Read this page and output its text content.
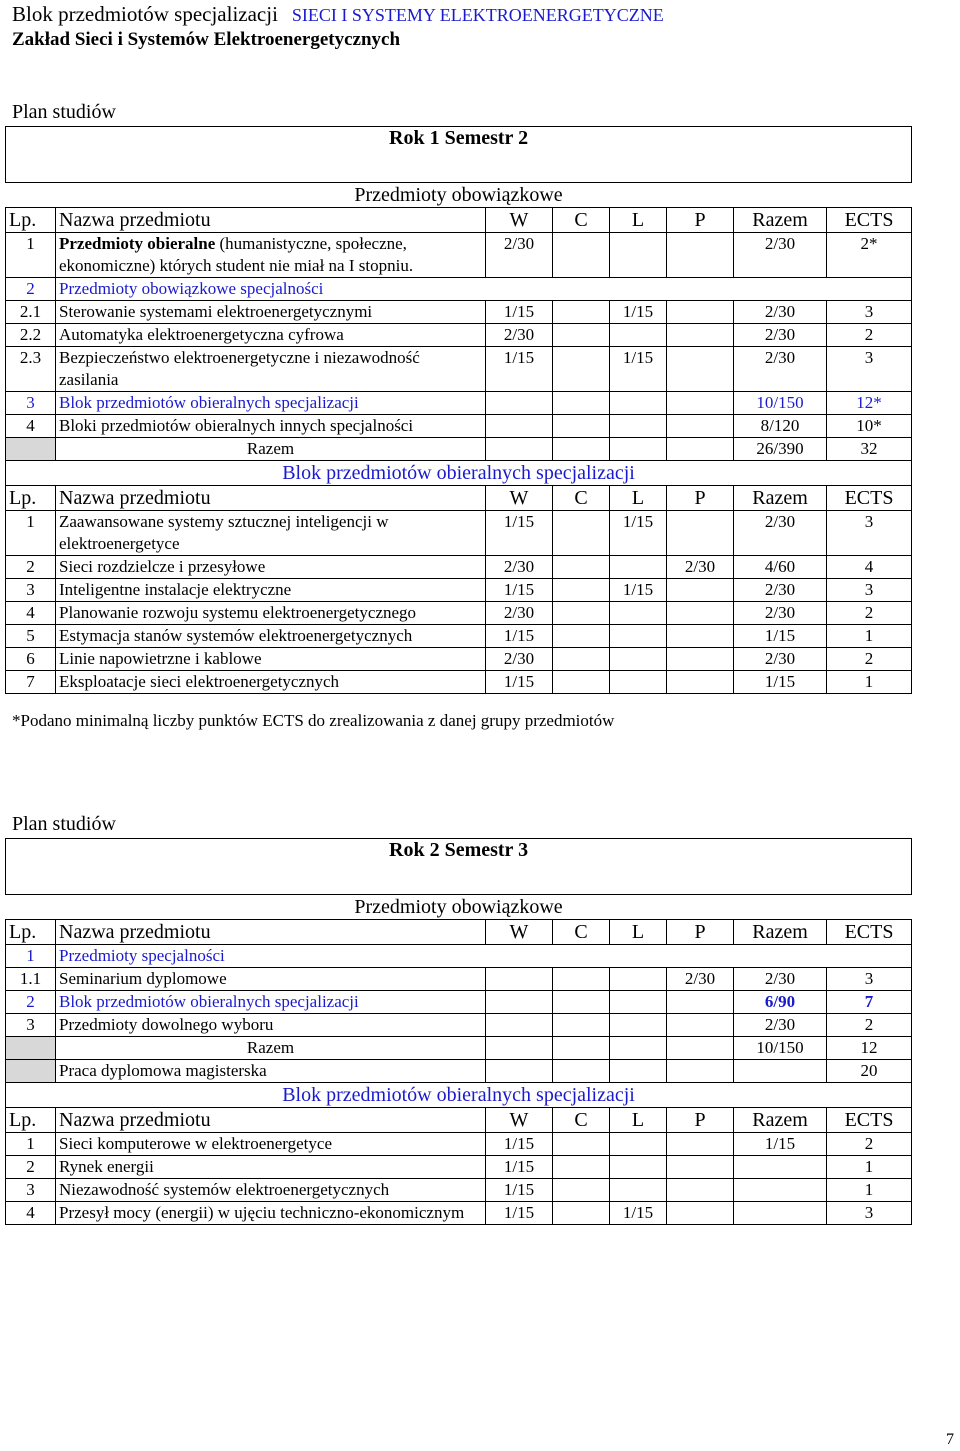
Blok przedmiotów specjalizacji SIECI I SYSTEMY ELEKTROENERGETYCZNE
Zakład Sieci i Systemów Elektroenergetycznych
Plan studiów
Rok 1 Semestr 2							
Przedmioty obowiązkowe							
Lp.	Nazwa przedmiotu	W	C	L	P	Razem	ECTS
1	Przedmioty obieralne (humanistyczne, społeczne, ekonomiczne) których student nie miał na I stopniu.	2/30				2/30	2*
2	Przedmioty obowiązkowe specjalności						
2.1	Sterowanie systemami elektroenergetycznymi	1/15		1/15		2/30	3
2.2	Automatyka elektroenergetyczna cyfrowa	2/30				2/30	2
2.3	Bezpieczeństwo elektroenergetyczne i niezawodność zasilania	1/15		1/15		2/30	3
3	Blok przedmiotów obieralnych specjalizacji					10/150	12*
4	Bloki przedmiotów obieralnych innych specjalności					8/120	10*
	Razem					26/390	32
Blok przedmiotów obieralnych specjalizacji							
Lp.	Nazwa przedmiotu	W	C	L	P	Razem	ECTS
1	Zaawansowane systemy sztucznej inteligencji w elektroenergetyce	1/15		1/15		2/30	3
2	Sieci rozdzielcze i przesyłowe	2/30			2/30	4/60	4
3	Inteligentne instalacje elektryczne	1/15		1/15		2/30	3
4	Planowanie rozwoju systemu elektroenergetycznego	2/30				2/30	2
5	Estymacja stanów systemów elektroenergetycznych	1/15				1/15	1
6	Linie napowietrzne i kablowe	2/30				2/30	2
7	Eksploatacje sieci elektroenergetycznych	1/15				1/15	1
*Podano minimalną liczby punktów ECTS do zrealizowania z danej grupy przedmiotów
Plan studiów
Rok 2 Semestr 3							
Przedmioty obowiązkowe							
Lp.	Nazwa przedmiotu	W	C	L	P	Razem	ECTS
1	Przedmioty specjalności						
1.1	Seminarium dyplomowe				2/30	2/30	3
2	Blok przedmiotów obieralnych specjalizacji					6/90	7
3	Przedmioty dowolnego wyboru					2/30	2
	Razem					10/150	12
	Praca dyplomowa magisterska						20
Blok przedmiotów obieralnych specjalizacji							
Lp.	Nazwa przedmiotu	W	C	L	P	Razem	ECTS
1	Sieci komputerowe w elektroenergetyce	1/15				1/15	2
2	Rynek energii	1/15					1
3	Niezawodność systemów elektroenergetycznych	1/15					1
4	Przesył mocy (energii) w ujęciu techniczno-ekonomicznym	1/15		1/15			3
7
